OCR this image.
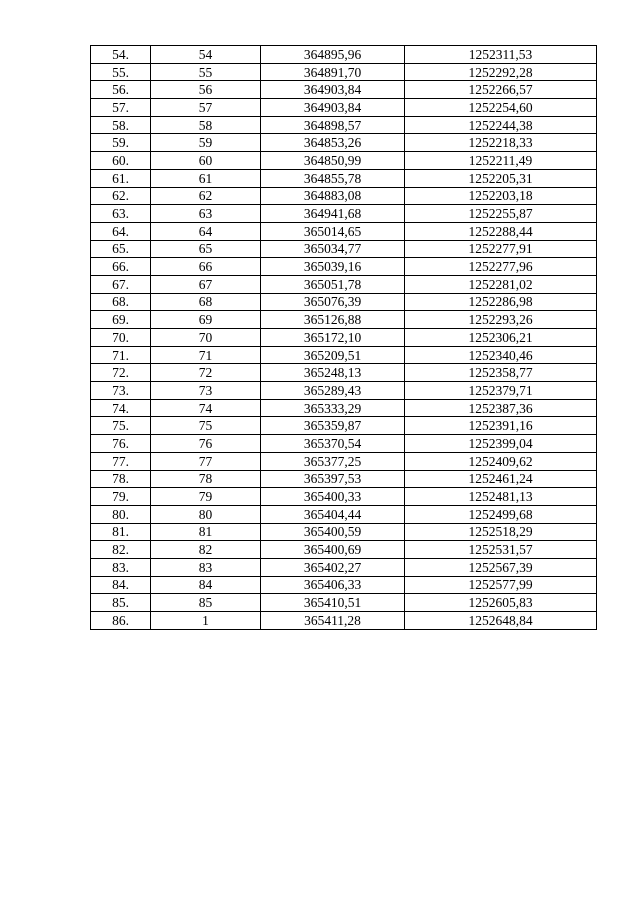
54.	54	364895,96	1252311,53
55.	55	364891,70	1252292,28
56.	56	364903,84	1252266,57
57.	57	364903,84	1252254,60
58.	58	364898,57	1252244,38
59.	59	364853,26	1252218,33
60.	60	364850,99	1252211,49
61.	61	364855,78	1252205,31
62.	62	364883,08	1252203,18
63.	63	364941,68	1252255,87
64.	64	365014,65	1252288,44
65.	65	365034,77	1252277,91
66.	66	365039,16	1252277,96
67.	67	365051,78	1252281,02
68.	68	365076,39	1252286,98
69.	69	365126,88	1252293,26
70.	70	365172,10	1252306,21
71.	71	365209,51	1252340,46
72.	72	365248,13	1252358,77
73.	73	365289,43	1252379,71
74.	74	365333,29	1252387,36
75.	75	365359,87	1252391,16
76.	76	365370,54	1252399,04
77.	77	365377,25	1252409,62
78.	78	365397,53	1252461,24
79.	79	365400,33	1252481,13
80.	80	365404,44	1252499,68
81.	81	365400,59	1252518,29
82.	82	365400,69	1252531,57
83.	83	365402,27	1252567,39
84.	84	365406,33	1252577,99
85.	85	365410,51	1252605,83
86.	1	365411,28	1252648,84
